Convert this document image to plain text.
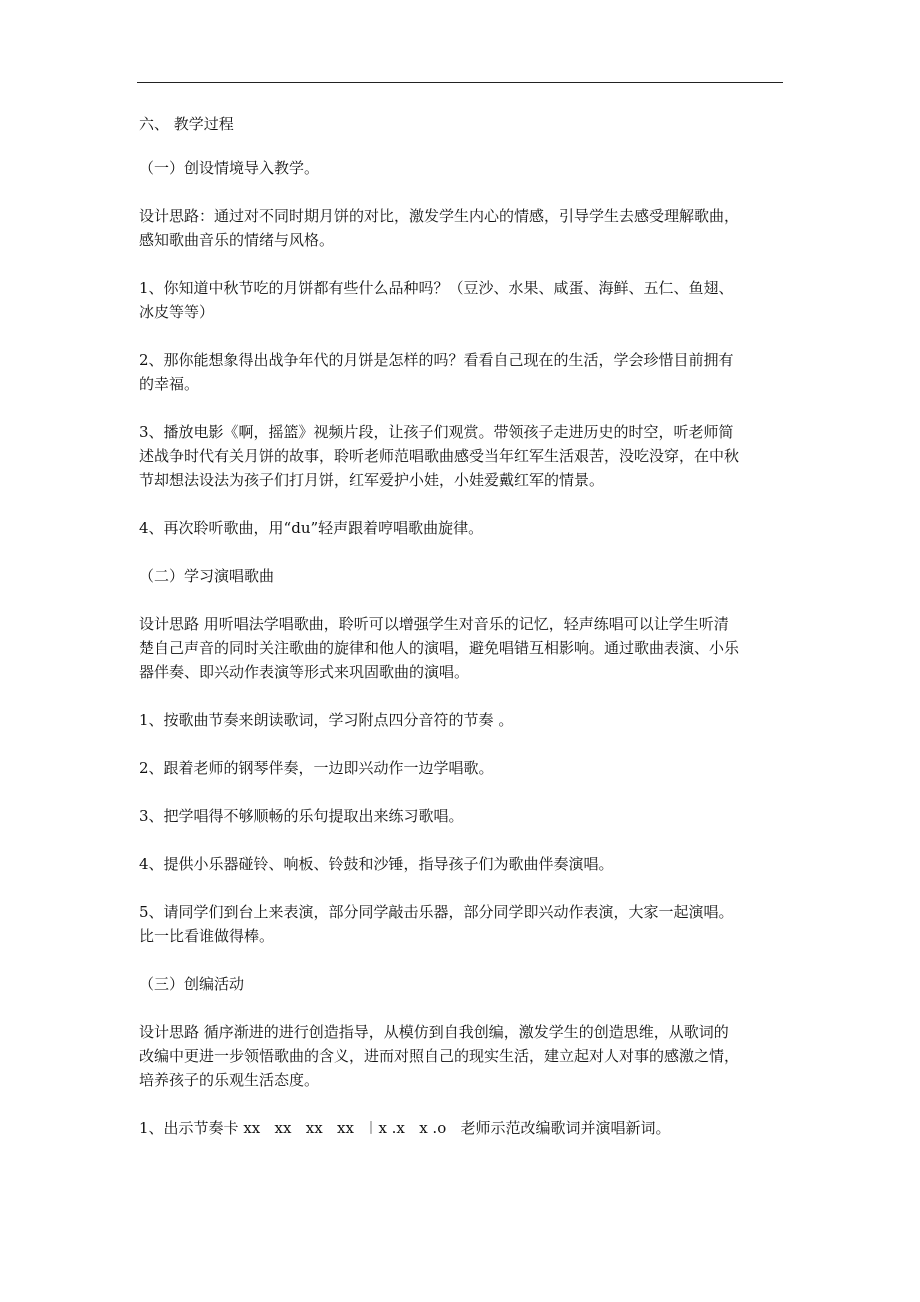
六、 教学过程

（一）创设情境导入教学。

设计思路：通过对不同时期月饼的对比，激发学生内心的情感，引导学生去感受理解歌曲，
感知歌曲音乐的情绪与风格。

1、你知道中秋节吃的月饼都有些什么品种吗？（豆沙、水果、咸蛋、海鲜、五仁、鱼翅、
冰皮等等）

2、那你能想象得出战争年代的月饼是怎样的吗？看看自己现在的生活，学会珍惜目前拥有
的幸福。

3、播放电影《啊，摇篮》视频片段，让孩子们观赏。带领孩子走进历史的时空，听老师简
述战争时代有关月饼的故事，聆听老师范唱歌曲感受当年红军生活艰苦，没吃没穿，在中秋
节却想法设法为孩子们打月饼，红军爱护小娃，小娃爱戴红军的情景。

4、再次聆听歌曲，用“du”轻声跟着哼唱歌曲旋律。

（二）学习演唱歌曲

设计思路 用听唱法学唱歌曲，聆听可以增强学生对音乐的记忆，轻声练唱可以让学生听清
楚自己声音的同时关注歌曲的旋律和他人的演唱，避免唱错互相影响。通过歌曲表演、小乐
器伴奏、即兴动作表演等形式来巩固歌曲的演唱。

1、按歌曲节奏来朗读歌词，学习附点四分音符的节奏 。

2、跟着老师的钢琴伴奏，一边即兴动作一边学唱歌。

3、把学唱得不够顺畅的乐句提取出来练习歌唱。

4、提供小乐器碰铃、响板、铃鼓和沙锤，指导孩子们为歌曲伴奏演唱。

5、请同学们到台上来表演，部分同学敲击乐器，部分同学即兴动作表演，大家一起演唱。
比一比看谁做得棒。

（三）创编活动

设计思路 循序渐进的进行创造指导，从模仿到自我创编，激发学生的创造思维，从歌词的
改编中更进一步领悟歌曲的含义，进而对照自己的现实生活，建立起对人对事的感激之情，
培养孩子的乐观生活态度。

1、出示节奏卡 xx   xx   xx   xx  ︱x .x   x .o   老师示范改编歌词并演唱新词。
